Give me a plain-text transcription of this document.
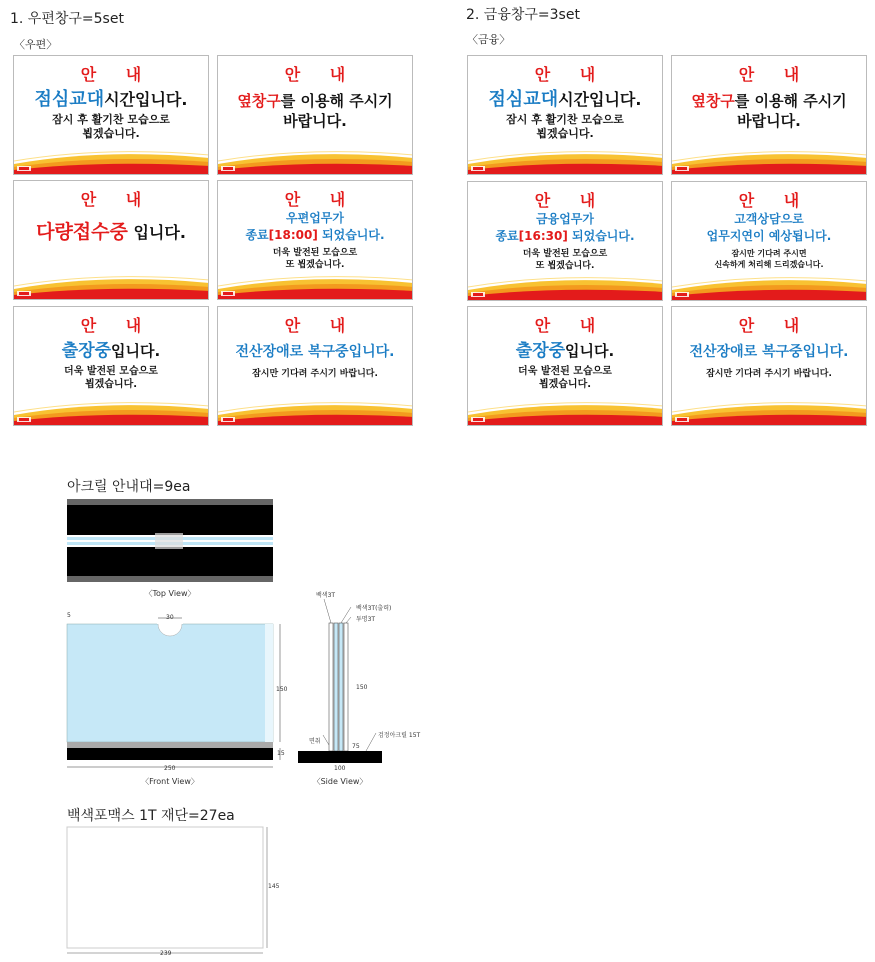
1. 우편창구=5set
〈우편〉
2. 금융창구=3set
〈금융〉
안 내
점심교대시간입니다.
잠시 후 활기찬 모습으로
뵙겠습니다.
안 내
옆창구를 이용해 주시기
바랍니다.
안 내
다량접수중 입니다.
안 내
우편업무가
종료[18:00] 되었습니다.
더욱 발전된 모습으로
또 뵙겠습니다.
안 내
출장중입니다.
더욱 발전된 모습으로
뵙겠습니다.
안 내
전산장애로 복구중입니다.
잠시만 기다려 주시기 바랍니다.
안 내
점심교대시간입니다.
잠시 후 활기찬 모습으로
뵙겠습니다.
안 내
옆창구를 이용해 주시기
바랍니다.
안 내
금융업무가
종료[16:30] 되었습니다.
더욱 발전된 모습으로
또 뵙겠습니다.
안 내
고객상담으로
업무지연이 예상됩니다.
잠시만 기다려 주시면
신속하게 처리해 드리겠습니다.
안 내
출장중입니다.
더욱 발전된 모습으로
뵙겠습니다.
안 내
전산장애로 복구중입니다.
잠시만 기다려 주시기 바랍니다.
아크릴 안내대=9ea
〈Top View〉
5	30
150
15
250
〈Front View〉
백색3T
백색3T(출력)
투명3T
150
면취
75
검정아크릴 15T
100
〈Side View〉
백색포맥스 1T 재단=27ea
145
239
